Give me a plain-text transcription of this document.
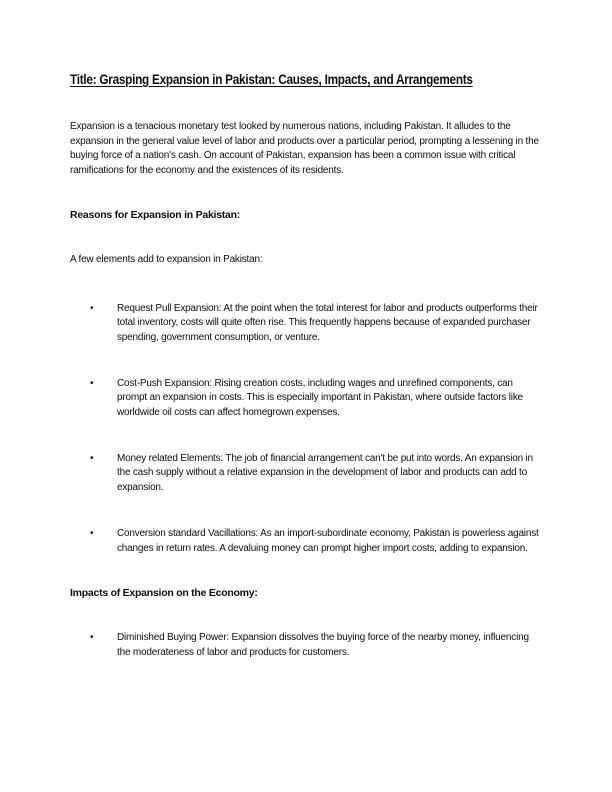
Title: Grasping Expansion in Pakistan: Causes, Impacts, and Arrangements

Expansion is a tenacious monetary test looked by numerous nations, including Pakistan. It alludes to the expansion in the general value level of labor and products over a particular period, prompting a lessening in the buying force of a nation's cash. On account of Pakistan, expansion has been a common issue with critical ramifications for the economy and the existences of its residents.

Reasons for Expansion in Pakistan:

A few elements add to expansion in Pakistan:

•	Request Pull Expansion: At the point when the total interest for labor and products outperforms their total inventory, costs will quite often rise. This frequently happens because of expanded purchaser spending, government consumption, or venture.
•	Cost-Push Expansion: Rising creation costs, including wages and unrefined components, can prompt an expansion in costs. This is especially important in Pakistan, where outside factors like worldwide oil costs can affect homegrown expenses.
•	Money related Elements: The job of financial arrangement can't be put into words. An expansion in the cash supply without a relative expansion in the development of labor and products can add to expansion.
•	Conversion standard Vacillations: As an import-subordinate economy, Pakistan is powerless against changes in return rates. A devaluing money can prompt higher import costs, adding to expansion.

Impacts of Expansion on the Economy:

•	Diminished Buying Power: Expansion dissolves the buying force of the nearby money, influencing the moderateness of labor and products for customers.
